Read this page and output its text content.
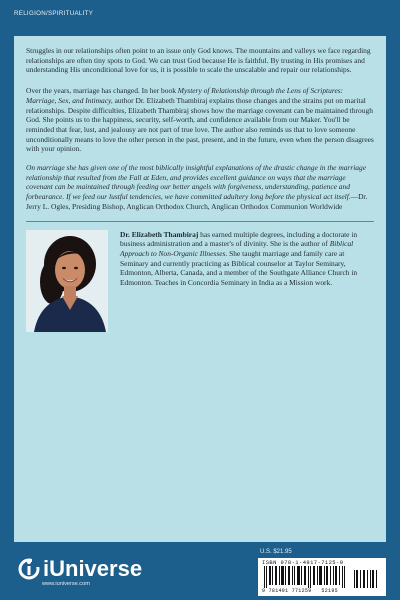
RELIGION/SPIRITUALITY

Struggles in our relationships often point to an issue only God knows. The mountains and valleys we face regarding relationships are often tiny spots to God. We can trust God because He is faithful. By trusting in His promises and understanding His unconditional love for us, it is possible to scale the unscalable and repair our relationships.

Over the years, marriage has changed. In her book Mystery of Relationship through the Lens of Scriptures: Marriage, Sex, and Intimacy, author Dr. Elizabeth Thambiraj explains those changes and the strains put on marital relationships. Despite difficulties, Elizabeth Thambiraj shows how the marriage covenant can be maintained through God. She points us to the happiness, security, self-worth, and confidence available from our Maker. You'll be reminded that fear, lust, and jealousy are not part of true love. The author also reminds us that to love someone unconditionally means to love the other person in the past, present, and in the future, even when the person disagrees with your opinion.

On marriage she has given one of the most biblically insightful explanations of the drastic change in the marriage relationship that resulted from the Fall at Eden, and provides excellent guidance on ways that the marriage covenant can be maintained through feeding our better angels with forgiveness, understanding, patience and forbearance. If we feed our lustful tendencies, we have committed adultery long before the physical act itself.—Dr. Jerry L. Ogles, Presiding Bishop, Anglican Orthodox Church, Anglican Orthodox Communion Worldwide

Dr. Elizabeth Thambiraj has earned multiple degrees, including a doctorate in business administration and a master's of divinity. She is the author of Biblical Approach to Non-Organic Illnesses. She taught marriage and family care at Seminary and currently practicing as Biblical counselor at Taylor Seminary, Edmonton, Alberta, Canada, and a member of the Southgate Alliance Church in Edmonton. Teaches in Concordia Seminary in India as a Mission work.

U.S. $21.95
ISBN 978-1-4917-7125-9
9 781491 771259 52195
iUniverse
www.iuniverse.com
